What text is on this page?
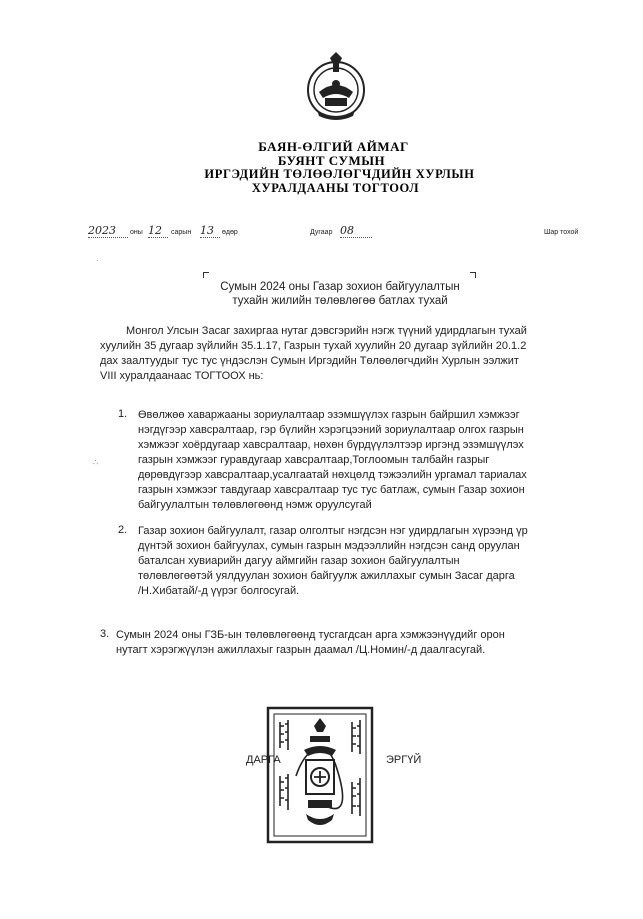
БАЯН-ӨЛГИЙ АЙМАГ
БУЯНТ СУМЫН
ИРГЭДИЙН ТӨЛӨӨЛӨГЧДИЙН ХУРЛЫН
ХУРАЛДААНЫ ТОГТООЛ
2023	оны 12	сарын 13	өдөр	Дугаар 08	Шар тохой
·
Сумын 2024 оны Газар зохион байгуулалтын
тухайн жилийн төлөвлөгөө батлах тухай
Монгол Улсын Засаг захиргаа нутаг дэвсгэрийн нэгж түүний удирдлагын тухай
хуулийн 35 дугаар зүйлийн 35.1.17, Газрын тухай хуулийн 20 дугаар зүйлийн 20.1.2
дах заалтуудыг тус тус үндэслэн Сумын Иргэдийн Төлөөлөгчдийн Хурлын ээлжит
VIII хуралдаанаас ТОГТООХ нь:
1. Өвөлжөө хаваржааны зориулалтаар эзэмшүүлэх газрын байршил хэмжээг
нэгдүгээр хавсралтаар, гэр бүлийн хэрэгцээний зориулалтаар олгох газрын
хэмжээг хоёрдугаар хавсралтаар, нөхөн бүрдүүлэлтээр иргэнд эзэмшүүлэх
газрын хэмжээг гуравдугаар хавсралтаар,Тоглоомын талбайн газрыг
дөрөвдүгээр хавсралтаар,усалгаатай нөхцөлд тэжээлийн ургамал тариалах
газрын хэмжээг тавдугаар хавсралтаар тус тус батлаж, сумын Газар зохион
байгуулалтын төлөвлөгөөнд нэмж оруулсугай
∴
2. Газар зохион байгуулалт, газар олголтыг нэгдсэн нэг удирдлагын хүрээнд үр
дүнтэй зохион байгуулах, сумын газрын мэдээллийн нэгдсэн санд оруулан
баталсан хувиарийн дагуу аймгийн газар зохион байгуулалтын
төлөвлөгөөтэй уялдуулан зохион байгуулж ажиллахыг сумын Засаг дарга
/Н.Хибатай/-д үүрэг болгосугай.
3. Сумын 2024 оны ГЗБ-ын төлөвлөгөөнд тусгагдсан арга хэмжээнүүдийг орон
нутагт хэрэгжүүлэн ажиллахыг газрын даамал /Ц.Номин/-д даалгасугай.
ДАРГА	ЭРГҮЙ
